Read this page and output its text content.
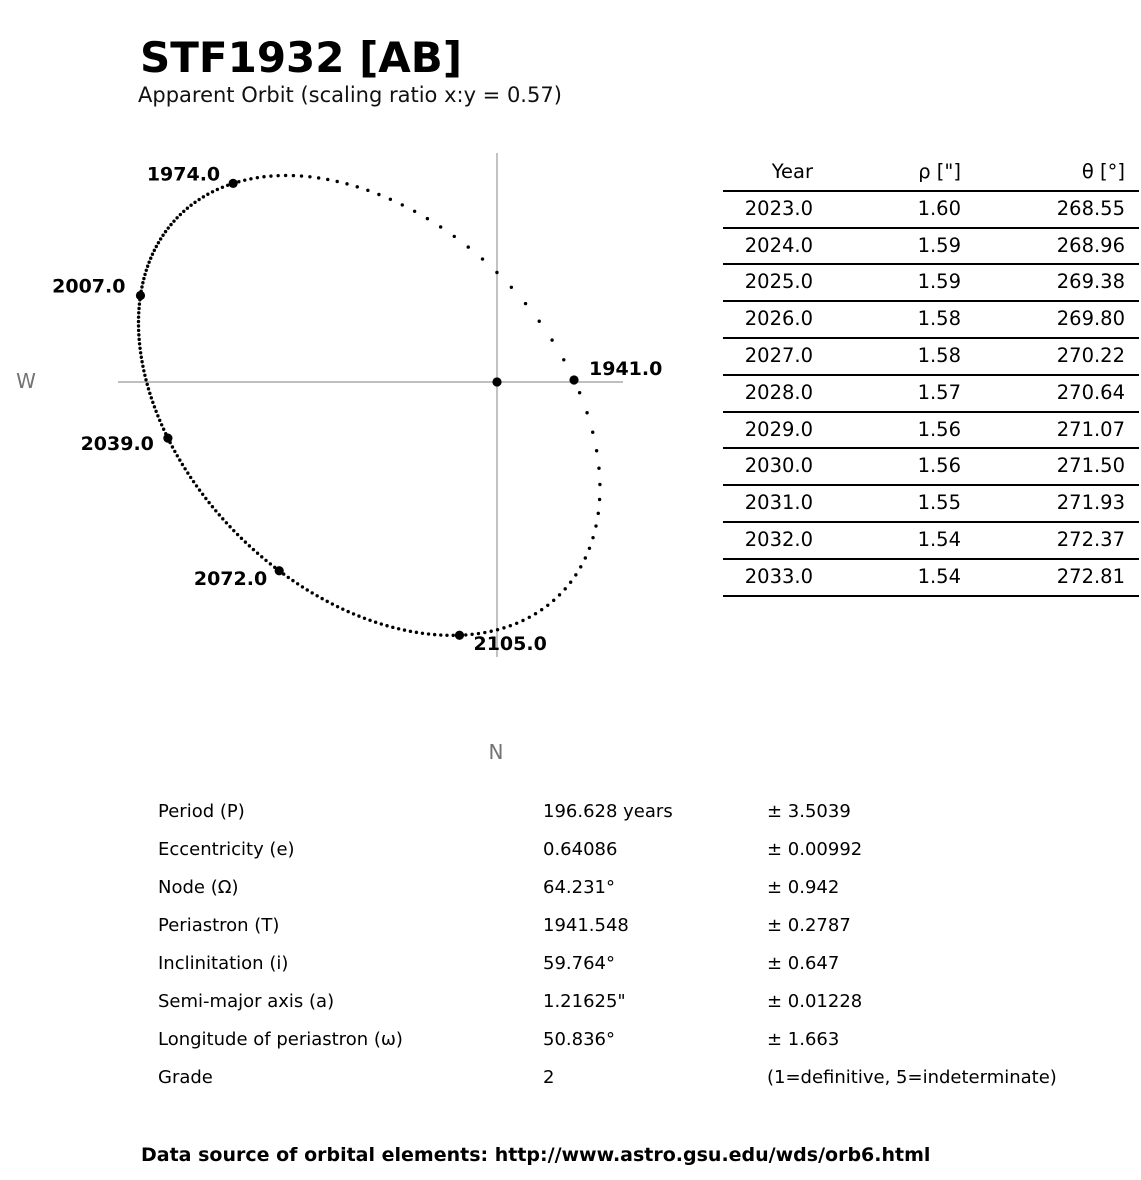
STF1932 [AB]
Apparent Orbit (scaling ratio x:y = 0.57)
W
N
1941.0
1974.0
2007.0
2039.0
2072.0
2105.0
Year	ρ ["]	θ [°]
2023.0	1.60	268.55
2024.0	1.59	268.96
2025.0	1.59	269.38
2026.0	1.58	269.80
2027.0	1.58	270.22
2028.0	1.57	270.64
2029.0	1.56	271.07
2030.0	1.56	271.50
2031.0	1.55	271.93
2032.0	1.54	272.37
2033.0	1.54	272.81
Period (P)	196.628 years	± 3.5039
Eccentricity (e)	0.64086	± 0.00992
Node (Ω)	64.231°	± 0.942
Periastron (T)	1941.548	± 0.2787
Inclinitation (i)	59.764°	± 0.647
Semi-major axis (a)	1.21625"	± 0.01228
Longitude of periastron (ω)	50.836°	± 1.663
Grade	2	(1=definitive, 5=indeterminate)
Data source of orbital elements: http://www.astro.gsu.edu/wds/orb6.html
